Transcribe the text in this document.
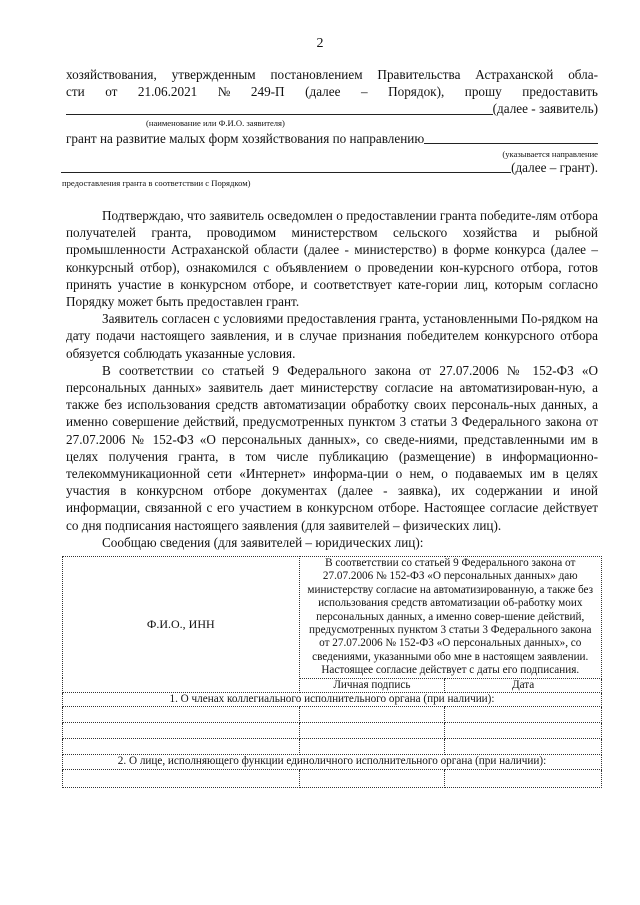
2
хозяйствования, утвержденным постановлением Правительства Астраханской обла-
сти от 21.06.2021 № 249-П (далее – Порядок), прошу предоставить
(далее - заявитель)
(наименование или Ф.И.О. заявителя)
грант на развитие малых форм хозяйствования по направлению
(указывается направление
(далее – грант).
предоставления гранта в соответствии с Порядком)

Подтверждаю, что заявитель осведомлен о предоставлении гранта победите-лям отбора получателей гранта, проводимом министерством сельского хозяйства и рыбной промышленности Астраханской области (далее - министерство) в форме конкурса (далее – конкурсный отбор), ознакомился с объявлением о проведении кон-курсного отбора, готов принять участие в конкурсном отборе, и соответствует кате-гории лиц, которым согласно Порядку может быть предоставлен грант.

Заявитель согласен с условиями предоставления гранта, установленными По-рядком на дату подачи настоящего заявления, и в случае признания победителем конкурсного отбора обязуется соблюдать указанные условия.

В соответствии со статьей 9 Федерального закона от 27.07.2006 № 152-ФЗ «О персональных данных» заявитель дает министерству согласие на автоматизирован-ную, а также без использования средств автоматизации обработку своих персональ-ных данных, а именно совершение действий, предусмотренных пунктом 3 статьи 3 Федерального закона от 27.07.2006 № 152-ФЗ «О персональных данных», со сведе-ниями, представленными им в целях получения гранта, в том числе публикацию (размещение) в информационно-телекоммуникационной сети «Интернет» информа-ции о нем, о подаваемых им в целях участия в конкурсном отборе документах (далее - заявка), их содержании и иной информации, связанной с его участием в конкурсном отборе. Настоящее согласие действует со дня подписания настоящего заявления (для заявителей – физических лиц).

Сообщаю сведения (для заявителей – юридических лиц):

Ф.И.О., ИНН	В соответствии со статьей 9 Федерального закона от 27.07.2006 № 152-ФЗ «О персональных данных» даю министерству согласие на автоматизированную, а также без использования средств автоматизации об-работку моих персональных данных, а именно совер-шение действий, предусмотренных пунктом 3 статьи 3 Федерального закона от 27.07.2006 № 152-ФЗ «О персональных данных», со сведениями, указанными обо мне в настоящем заявлении. Настоящее согласие действует с даты его подписания.	
	Личная подпись	Дата
1. О членах коллегиального исполнительного органа (при наличии):		

2. О лице, исполняющего функции единоличного исполнительного органа (при наличии):		
